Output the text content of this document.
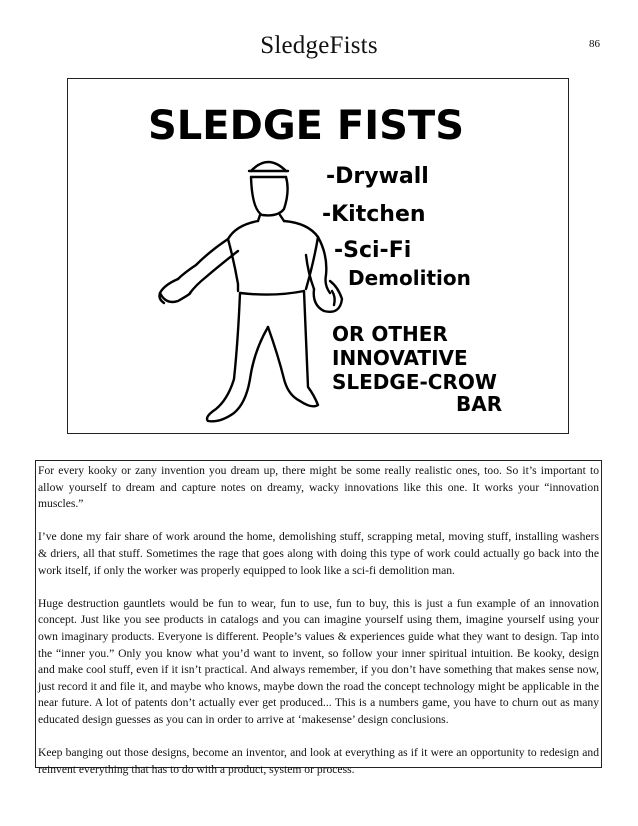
SledgeFists	86
SLEDGE FISTS
-Drywall
-Kitchen
-Sci-Fi
Demolition
OR OTHER
INNOVATIVE
SLEDGE-CROW
BAR

For every kooky or zany invention you dream up, there might be some really realistic ones, too. So it’s important to allow yourself to dream and capture notes on dreamy, wacky innovations like this one. It works your “innovation muscles.”

I’ve done my fair share of work around the home, demolishing stuff, scrapping metal, moving stuff, installing washers & driers, all that stuff. Sometimes the rage that goes along with doing this type of work could actually go back into the work itself, if only the worker was properly equipped to look like a sci-fi demolition man.

Huge destruction gauntlets would be fun to wear, fun to use, fun to buy, this is just a fun example of an innovation concept. Just like you see products in catalogs and you can imagine yourself using them, imagine yourself using your own imaginary products. Everyone is different. People’s values & experiences guide what they want to design. Tap into the “inner you.” Only you know what you’d want to invent, so follow your inner spiritual intuition. Be kooky, design and make cool stuff, even if it isn’t practical. And always remember, if you don’t have something that makes sense now, just record it and file it, and maybe who knows, maybe down the road the concept technology might be applicable in the near future. A lot of patents don’t actually ever get produced... This is a numbers game, you have to churn out as many educated design guesses as you can in order to arrive at ‘makesense’ design conclusions.

Keep banging out those designs, become an inventor, and look at everything as if it were an opportunity to redesign and reinvent everything that has to do with a product, system or process.
